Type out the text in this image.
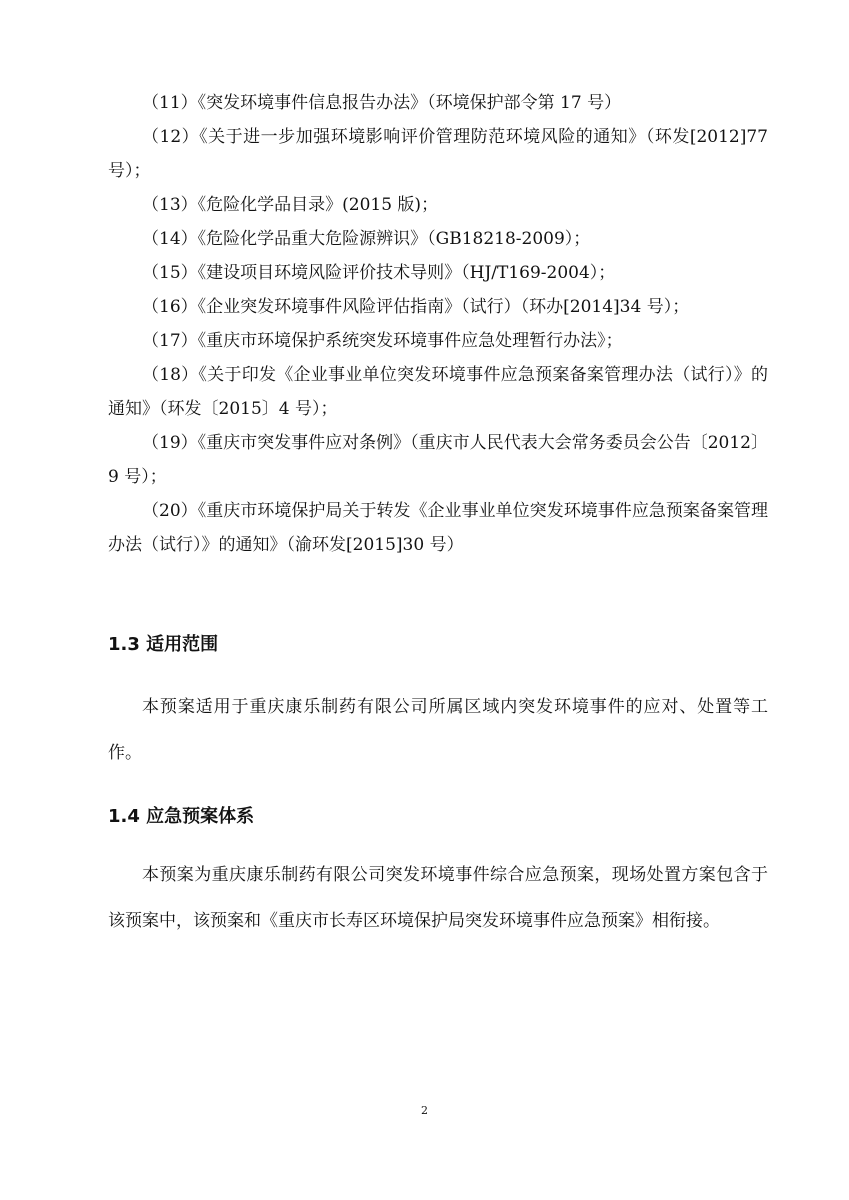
（11）《突发环境事件信息报告办法》（环境保护部令第 17 号）

（12）《关于进一步加强环境影响评价管理防范环境风险的通知》（环发[2012]77 号）；

（13）《危险化学品目录》(2015 版)；

（14）《危险化学品重大危险源辨识》（GB18218-2009）；

（15）《建设项目环境风险评价技术导则》（HJ/T169-2004）；

（16）《企业突发环境事件风险评估指南》（试行）（环办[2014]34 号）；

（17）《重庆市环境保护系统突发环境事件应急处理暂行办法》；

（18）《关于印发《企业事业单位突发环境事件应急预案备案管理办法（试行）》的通知》（环发〔2015〕4 号）；

（19）《重庆市突发事件应对条例》（重庆市人民代表大会常务委员会公告〔2012〕9 号）；

（20）《重庆市环境保护局关于转发《企业事业单位突发环境事件应急预案备案管理办法（试行）》的通知》（渝环发[2015]30 号）

1.3 适用范围

本预案适用于重庆康乐制药有限公司所属区域内突发环境事件的应对、处置等工作。

1.4 应急预案体系

本预案为重庆康乐制药有限公司突发环境事件综合应急预案，现场处置方案包含于该预案中，该预案和《重庆市长寿区环境保护局突发环境事件应急预案》相衔接。

2
